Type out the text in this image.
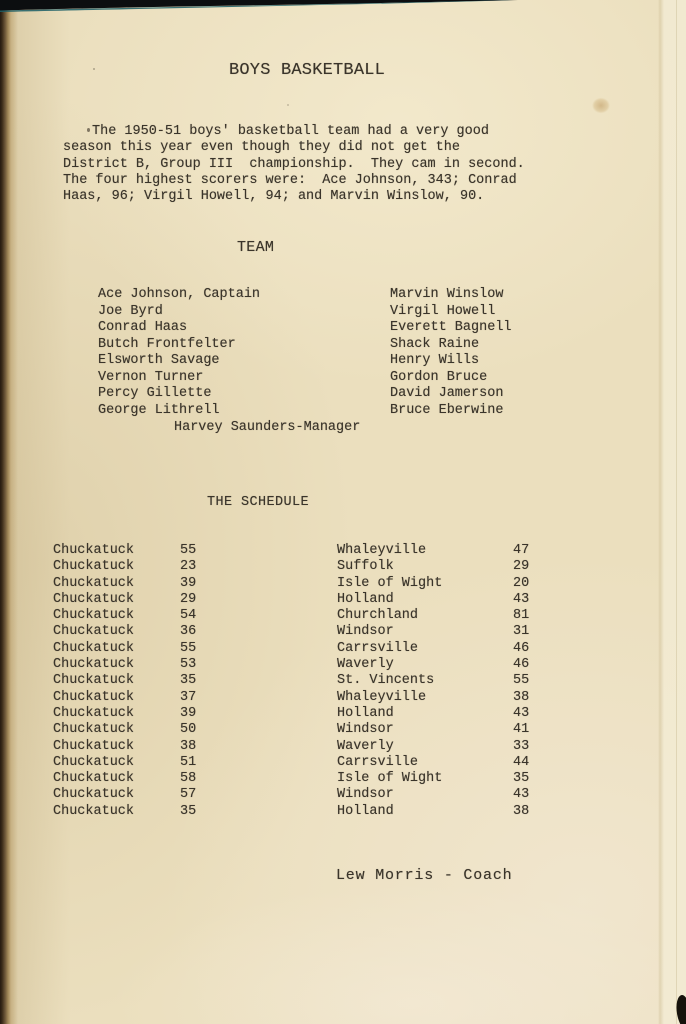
BOYS BASKETBALL
The 1950-51 boys' basketball team had a very good
season this year even though they did not get the
District B, Group III  championship.  They cam in second.
The four highest scorers were:  Ace Johnson, 343; Conrad
Haas, 96; Virgil Howell, 94; and Marvin Winslow, 90.
TEAM
Ace Johnson, Captain
Joe Byrd
Conrad Haas
Butch Frontfelter
Elsworth Savage
Vernon Turner
Percy Gillette
George Lithrell
Marvin Winslow
Virgil Howell
Everett Bagnell
Shack Raine
Henry Wills
Gordon Bruce
David Jamerson
Bruce Eberwine
Harvey Saunders-Manager
THE SCHEDULE
Chuckatuck	55	Whaleyville	47
Chuckatuck	23	Suffolk	29
Chuckatuck	39	Isle of Wight	20
Chuckatuck	29	Holland	43
Chuckatuck	54	Churchland	81
Chuckatuck	36	Windsor	31
Chuckatuck	55	Carrsville	46
Chuckatuck	53	Waverly	46
Chuckatuck	35	St. Vincents	55
Chuckatuck	37	Whaleyville	38
Chuckatuck	39	Holland	43
Chuckatuck	50	Windsor	41
Chuckatuck	38	Waverly	33
Chuckatuck	51	Carrsville	44
Chuckatuck	58	Isle of Wight	35
Chuckatuck	57	Windsor	43
Chuckatuck	35	Holland	38
Lew Morris - Coach
